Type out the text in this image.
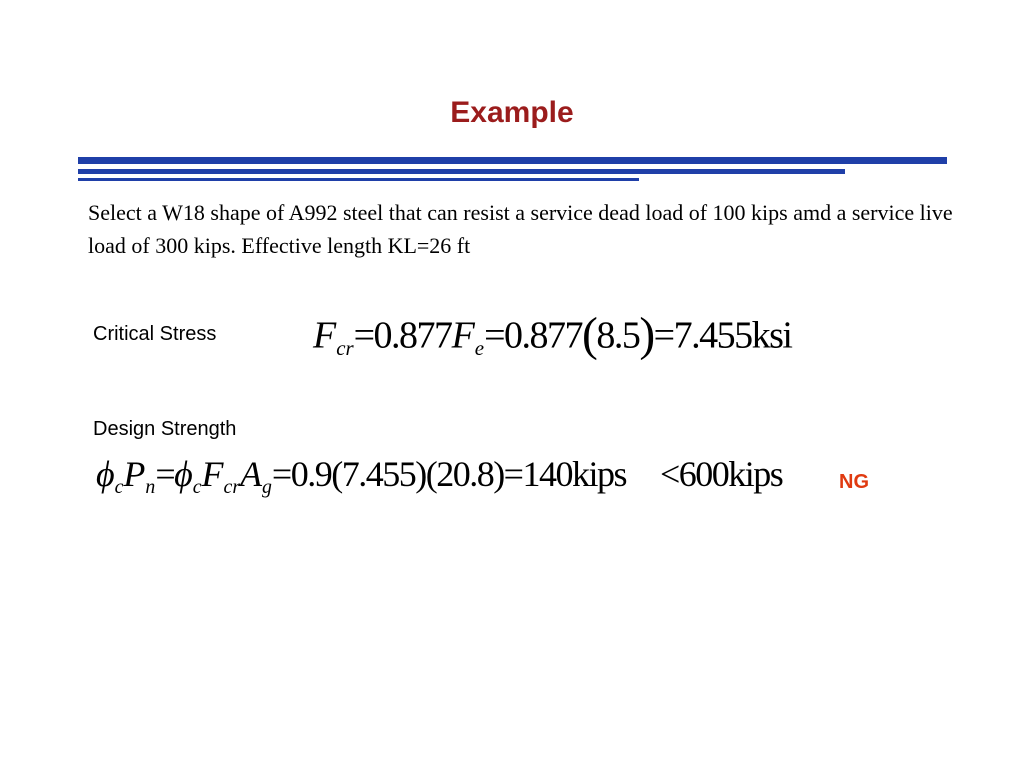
Example
Select a W18 shape of A992 steel that can resist a service dead load of 100 kips amd a service live load of 300 kips. Effective length KL=26 ft
Critical Stress	$F_{cr}=0.877F_e=0.877(8.5)=7.455ksi$
Design Strength
$\phi_cP_n=\phi_cF_{cr}A_g=0.9(7.455)(20.8)=140kips$ <600kips	NG
